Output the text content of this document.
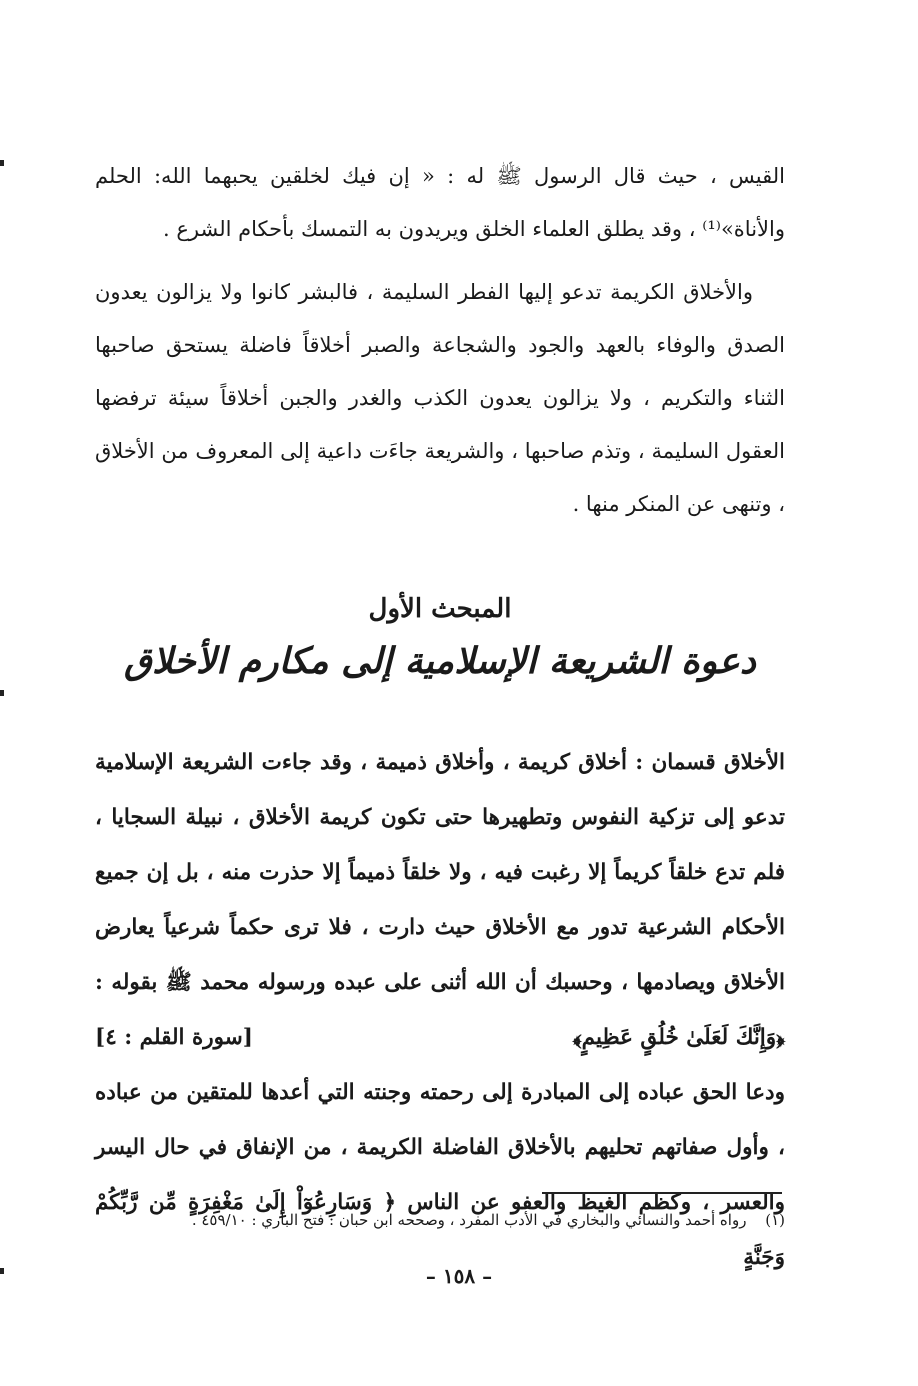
القيس ، حيث قال الرسول ﷺ له : « إن فيك لخلقين يحبهما الله: الحلم والأناة»⁽¹⁾ ، وقد يطلق العلماء الخلق ويريدون به التمسك بأحكام الشرع .

والأخلاق الكريمة تدعو إليها الفطر السليمة ، فالبشر كانوا ولا يزالون يعدون الصدق والوفاء بالعهد والجود والشجاعة والصبر أخلاقاً فاضلة يستحق صاحبها الثناء والتكريم ، ولا يزالون يعدون الكذب والغدر والجبن أخلاقاً سيئة ترفضها العقول السليمة ، وتذم صاحبها ، والشريعة جاءَت داعية إلى المعروف من الأخلاق ، وتنهى عن المنكر منها .

المبحث الأول
دعوة الشريعة الإسلامية إلى مكارم الأخلاق

الأخلاق قسمان : أخلاق كريمة ، وأخلاق ذميمة ، وقد جاءت الشريعة الإسلامية تدعو إلى تزكية النفوس وتطهيرها حتى تكون كريمة الأخلاق ، نبيلة السجايا ، فلم تدع خلقاً كريماً إلا رغبت فيه ، ولا خلقاً ذميماً إلا حذرت منه ، بل إن جميع الأحكام الشرعية تدور مع الأخلاق حيث دارت ، فلا ترى حكماً شرعياً يعارض الأخلاق ويصادمها ، وحسبك أن الله أثنى على عبده ورسوله محمد ﷺ بقوله : ﴿وَإِنَّكَ لَعَلَىٰ خُلُقٍ عَظِيمٍ﴾
[سورة القلم : ٤]

ودعا الحق عباده إلى المبادرة إلى رحمته وجنته التي أعدها للمتقين من عباده ، وأول صفاتهم تحليهم بالأخلاق الفاضلة الكريمة ، من الإنفاق في حال اليسر والعسر ، وكظم الغيظ والعفو عن الناس ﴿ وَسَارِعُوٓاْ إِلَىٰ مَغْفِرَةٍ مِّن رَّبِّكُمْ وَجَنَّةٍ

(١) رواه أحمد والنسائي والبخاري في الأدب المفرد ، وصححه ابن حبان : فتح الباري : ٤٥٩/١٠ .
– ١٥٨ –
